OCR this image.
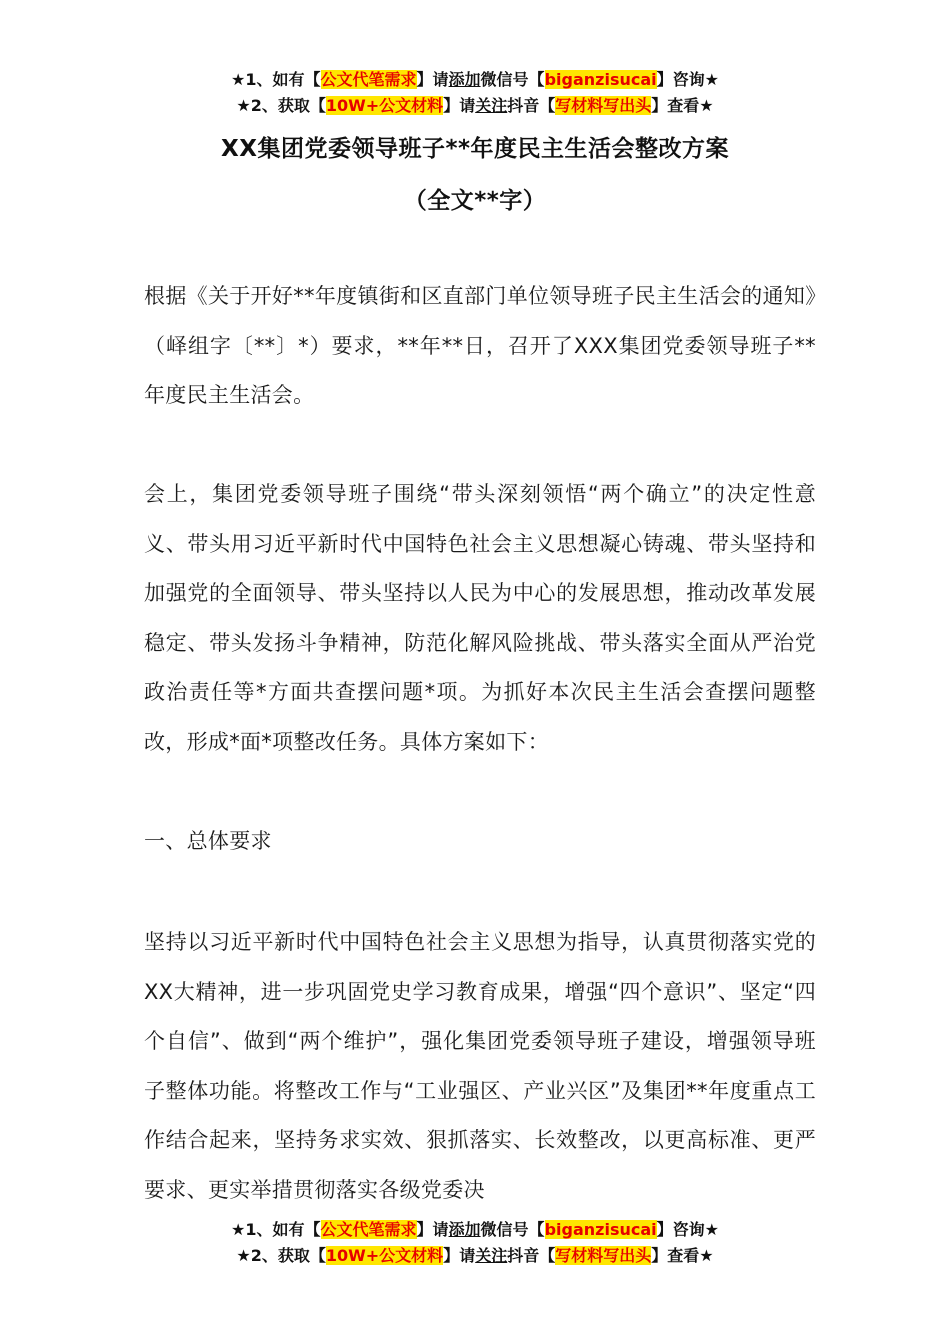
★1、如有【公文代笔需求】请添加微信号【biganzisucai】咨询★
★2、获取【10W+公文材料】请关注抖音【写材料写出头】查看★
XX集团党委领导班子**年度民主生活会整改方案
（全文**字）
根据《关于开好**年度镇街和区直部门单位领导班子民主生活会的通知》（峄组字〔**〕*）要求，**年**日，召开了XXX集团党委领导班子**年度民主生活会。
会上，集团党委领导班子围绕“带头深刻领悟“两个确立”的决定性意义、带头用习近平新时代中国特色社会主义思想凝心铸魂、带头坚持和加强党的全面领导、带头坚持以人民为中心的发展思想，推动改革发展稳定、带头发扬斗争精神，防范化解风险挑战、带头落实全面从严治党政治责任等*方面共查摆问题*项。为抓好本次民主生活会查摆问题整改，形成*面*项整改任务。具体方案如下：
一、总体要求
坚持以习近平新时代中国特色社会主义思想为指导，认真贯彻落实党的XX大精神，进一步巩固党史学习教育成果，增强“四个意识”、坚定“四个自信”、做到“两个维护”，强化集团党委领导班子建设，增强领导班子整体功能。将整改工作与“工业强区、产业兴区”及集团**年度重点工作结合起来，坚持务求实效、狠抓落实、长效整改，以更高标准、更严要求、更实举措贯彻落实各级党委决
★1、如有【公文代笔需求】请添加微信号【biganzisucai】咨询★
★2、获取【10W+公文材料】请关注抖音【写材料写出头】查看★
